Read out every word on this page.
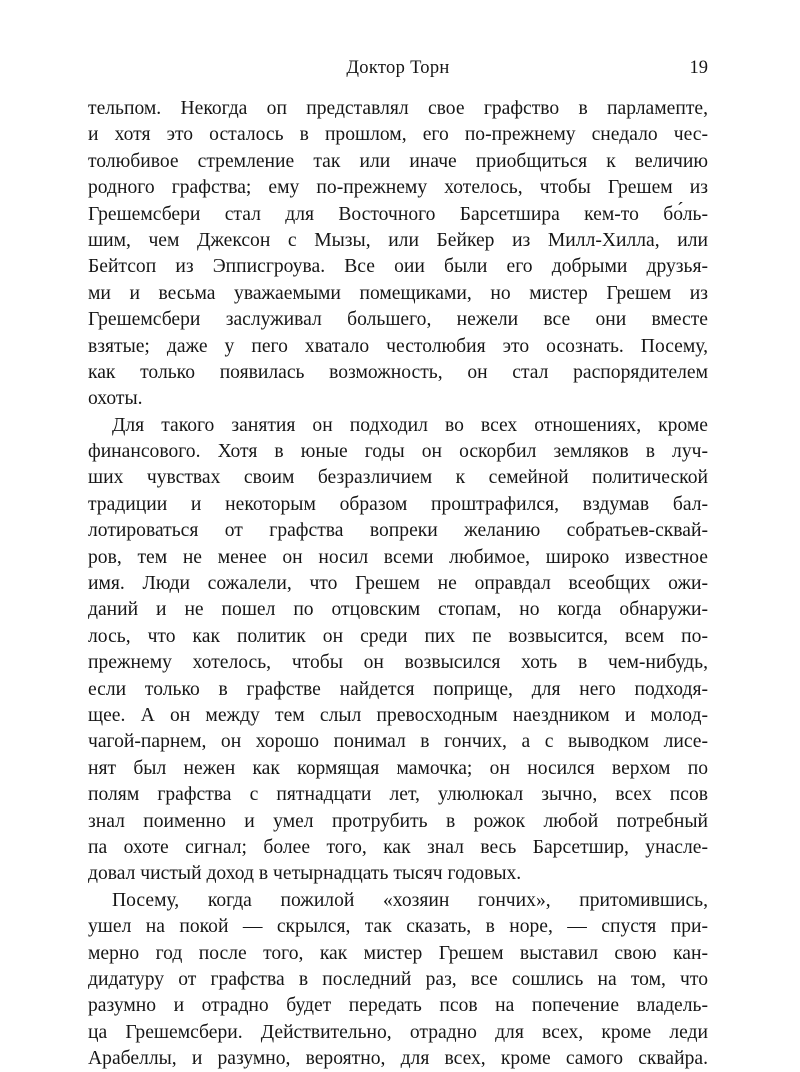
Доктор Торн	19
тельпом. Некогда оп представлял свое графство в парламепте,
и хотя это осталось в прошлом, его по-прежнему снедало чес-
толюбивое стремление так или иначе приобщиться к величию
родного графства; ему по-прежнему хотелось, чтобы Грешем из
Грешемсбери стал для Восточного Барсетшира кем-то бо́ль-
шим, чем Джексон с Мызы, или Бейкер из Милл-Хилла, или
Бейтсоп из Эпписгроува. Все оии были его добрыми друзья-
ми и весьма уважаемыми помещиками, но мистер Грешем из
Грешемсбери заслуживал большего, нежели все они вместе
взятые; даже у пего хватало честолюбия это осознать. Посему,
как только появилась возможность, он стал распорядителем
охоты.
Для такого занятия он подходил во всех отношениях, кроме
финансового. Хотя в юные годы он оскорбил земляков в луч-
ших чувствах своим безразличием к семейной политической
традиции и некоторым образом проштрафился, вздумав бал-
лотироваться от графства вопреки желанию собратьев-сквай-
ров, тем не менее он носил всеми любимое, широко известное
имя. Люди сожалели, что Грешем не оправдал всеобщих ожи-
даний и не пошел по отцовским стопам, но когда обнаружи-
лось, что как политик он среди пих пе возвысится, всем по-
прежнему хотелось, чтобы он возвысился хоть в чем-нибудь,
если только в графстве найдется поприще, для него подходя-
щее. А он между тем слыл превосходным наездником и молод-
чагой-парнем, он хорошо понимал в гончих, а с выводком лисе-
нят был нежен как кормящая мамочка; он носился верхом по
полям графства с пятнадцати лет, улюлюкал зычно, всех псов
знал поименно и умел протрубить в рожок любой потребный
па охоте сигнал; более того, как знал весь Барсетшир, унаслe-
довал чистый доход в четырнадцать тысяч годовых.
Посему, когда пожилой «хозяин гончих», притомившись,
ушел на покой — скрылся, так сказать, в норе, — спустя при-
мерно год после того, как мистер Грешем выставил свою кан-
дидатуру от графства в последний раз, все сошлись на том, что
разумно и отрадно будет передать псов на попечение владель-
ца Грешемсбери. Действительно, отрадно для всех, кроме леди
Арабеллы, и разумно, вероятно, для всех, кроме самого сквайра.
